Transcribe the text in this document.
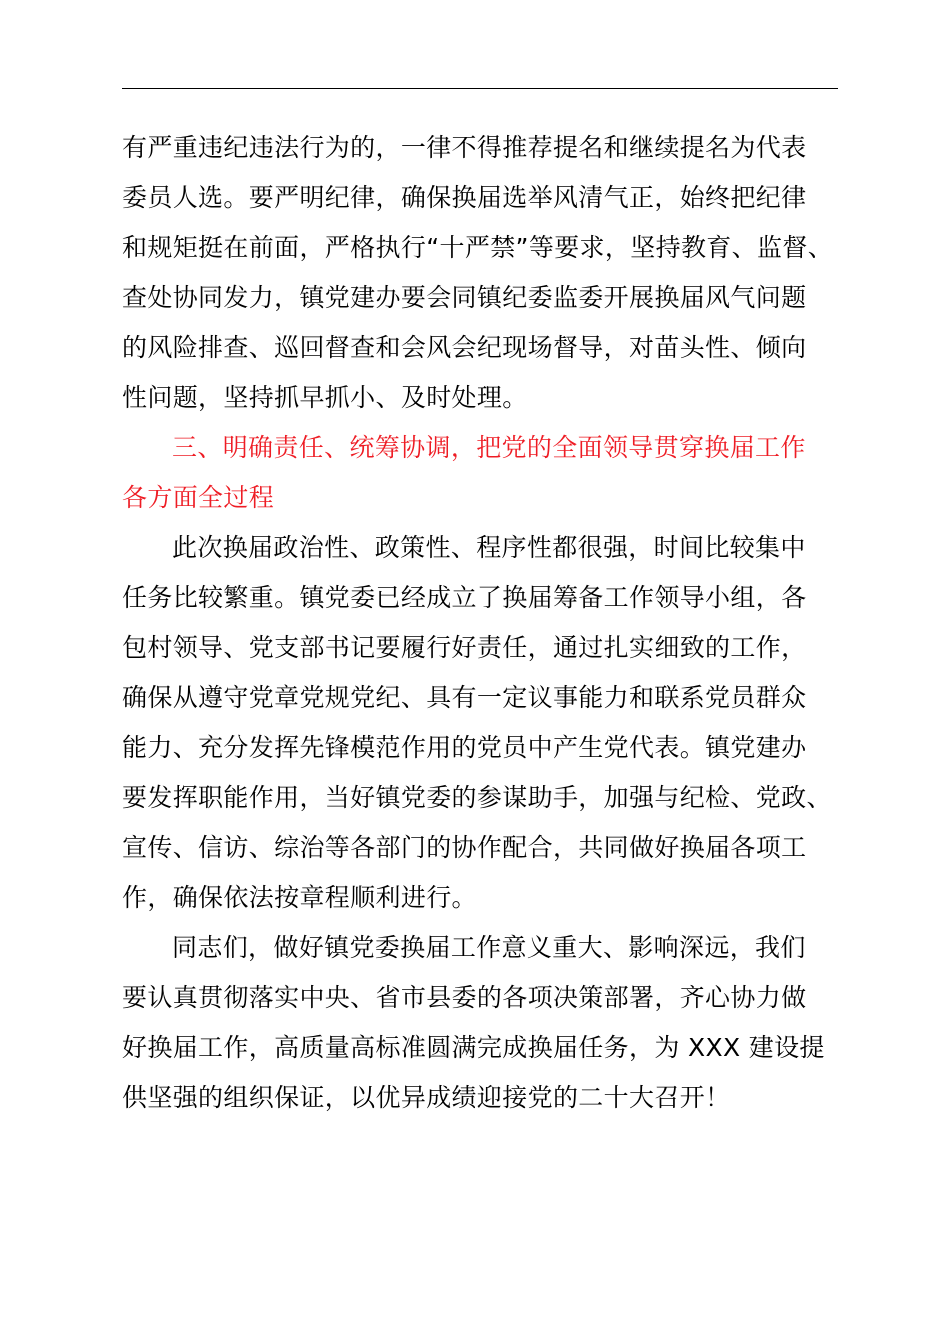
有严重违纪违法行为的，一律不得推荐提名和继续提名为代表
委员人选。要严明纪律，确保换届选举风清气正，始终把纪律
和规矩挺在前面，严格执行“十严禁”等要求，坚持教育、监督、
查处协同发力，镇党建办要会同镇纪委监委开展换届风气问题
的风险排查、巡回督查和会风会纪现场督导，对苗头性、倾向
性问题，坚持抓早抓小、及时处理。
三、明确责任、统筹协调，把党的全面领导贯穿换届工作
各方面全过程
此次换届政治性、政策性、程序性都很强，时间比较集中
任务比较繁重。镇党委已经成立了换届筹备工作领导小组，各
包村领导、党支部书记要履行好责任，通过扎实细致的工作，
确保从遵守党章党规党纪、具有一定议事能力和联系党员群众
能力、充分发挥先锋模范作用的党员中产生党代表。镇党建办
要发挥职能作用，当好镇党委的参谋助手，加强与纪检、党政、
宣传、信访、综治等各部门的协作配合，共同做好换届各项工
作，确保依法按章程顺利进行。
同志们，做好镇党委换届工作意义重大、影响深远，我们
要认真贯彻落实中央、省市县委的各项决策部署，齐心协力做
好换届工作，高质量高标准圆满完成换届任务，为 XXX 建设提
供坚强的组织保证，以优异成绩迎接党的二十大召开！
